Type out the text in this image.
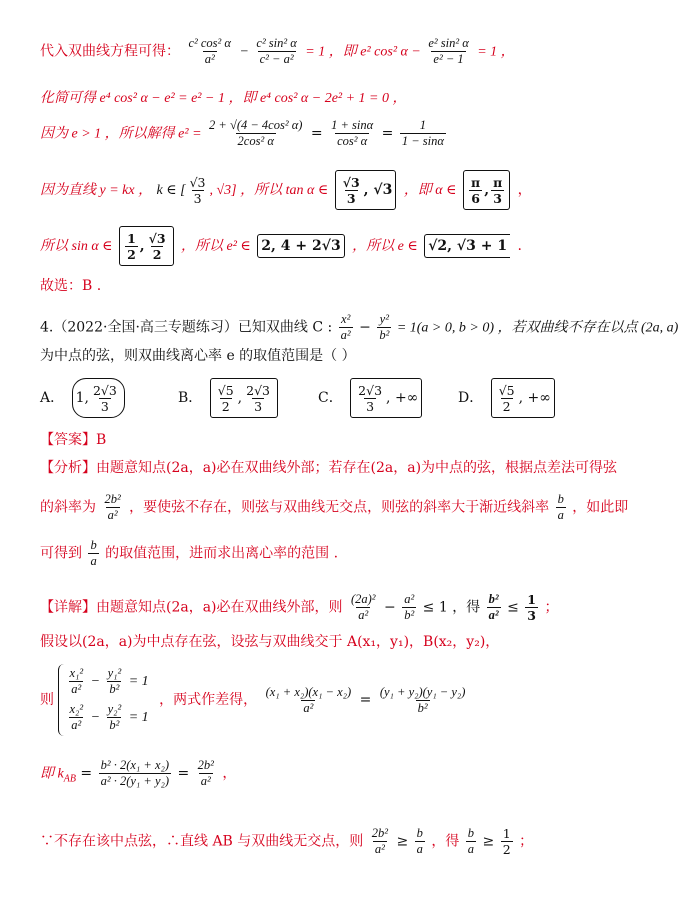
代入双曲线方程可得： $\frac{\text{c² cos² α}}{\text{a²}} - \frac{\text{c² sin² α}}{\text{c² − a²}} = 1$ ，即 e² cos² $\alpha - \frac{\text{e² sin² α}}{\text{e² − 1}} = 1$ ，
化简可得 e⁴ cos² α − e² = e² − 1 ，即 e⁴ cos² α − 2e² + 1 = 0 ，
因为 e > 1 ，所以解得 $e^2 = \frac{\text{2 + √(4 − 4cos² α)}}{\text{2cos² α}} = \frac{1 + \sin\alpha}{\text{cos² α}} = \frac{1}{1 - \sin\alpha}$
因为直线 y = kx ， k ∈ [ $\frac{√3}{3}$ , √3] ，所以 tan α ∈ $\frac{√3}{3}$ , √3 ，即 α ∈ $\frac{\pi}{6}$ , $\frac{\pi}{3}$ ，
所以 sin α ∈ $\frac{1}{2}$ , $\frac{√3}{2}$ ，所以 e² ∈ 2, 4 + 2√3 ，所以 e ∈ √2, √3 + 1 .
故选：B .
4.（2022·全国·高三专题练习）已知双曲线 C : $\frac{\text{x²}}{\text{a²}} - \frac{\text{y²}}{\text{b²}} = 1(a > 0$, b > 0) ，若双曲线不存在以点 (2a, a)
为中点的弦，则双曲线离心率 e 的取值范围是（ ）
A． 1, $\frac{2√3}{3}$	B． $\frac{√5}{2}$ , $\frac{2√3}{3}$	C． $\frac{2√3}{3}$ , +∞	D． $\frac{√5}{2}$ , +∞
【答案】B
【分析】由题意知点(2a，a)必在双曲线外部；若存在(2a，a)为中点的弦，根据点差法可得弦
的斜率为 $\frac{\text{2b²}}{\text{a²}}$ ，要使弦不存在，则弦与双曲线无交点，则弦的斜率大于渐近线斜率 $\frac{b}{a}$ ，如此即
可得到 $\frac{b}{a}$ 的取值范围，进而求出离心率的范围 .
【详解】由题意知点(2a，a)必在双曲线外部，则 $\frac{\text{(2a)²}}{\text{a²}} - \frac{\text{a²}}{\text{b²}} \le 1$ ，得 $\frac{\text{b²}}{\text{a²}} \le \frac{1}{3}$ ；
假设以(2a，a)为中点存在弦，设弦与双曲线交于 A(x₁，y₁)，B(x₂，y₂)，
则
$\frac{\text{x₁²}}{\text{a²}} - \frac{\text{y₁²}}{\text{b²}} = 1$
$\frac{\text{x₂²}}{\text{a²}} - \frac{\text{y₂²}}{\text{b²}} = 1$
，两式作差得， $\frac{\text{(x₁ + x₂)(x₁ − x₂)}}{\text{a²}} = \frac{\text{(y₁ + y₂)(y₁ − y₂)}}{\text{b²}}$
即 $k_{AB} = \frac{\text{b² · 2(x₁ + x₂)}}{\text{a² · 2(y₁ + y₂)}} = \frac{\text{2b²}}{\text{a²}}$ ，
∵不存在该中点弦，∴直线 AB 与双曲线无交点，则 $\frac{\text{2b²}}{\text{a²}} \ge \frac{b}{a}$ ，得 $\frac{b}{a} \ge \frac{1}{2}$ ；
